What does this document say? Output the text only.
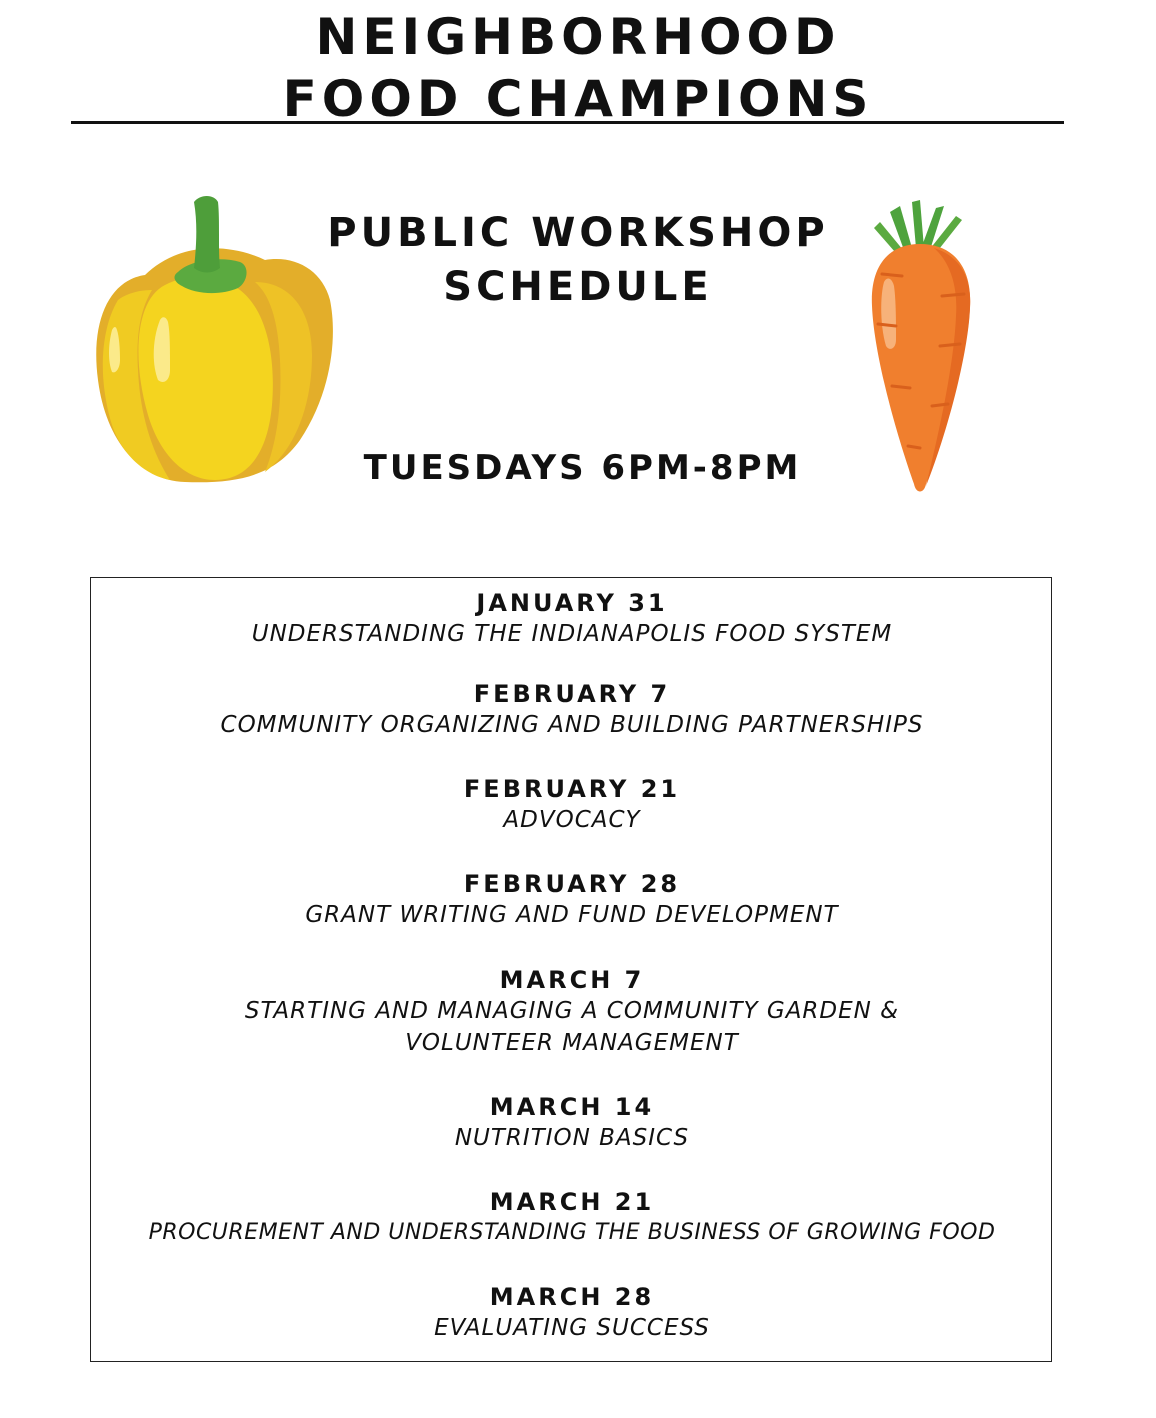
NEIGHBORHOOD
FOOD CHAMPIONS
PUBLIC WORKSHOP
SCHEDULE
TUESDAYS 6PM-8PM
JANUARY 31
UNDERSTANDING THE INDIANAPOLIS FOOD SYSTEM
FEBRUARY 7
COMMUNITY ORGANIZING AND BUILDING PARTNERSHIPS
FEBRUARY 21
ADVOCACY
FEBRUARY 28
GRANT WRITING AND FUND DEVELOPMENT
MARCH 7
STARTING AND MANAGING A COMMUNITY GARDEN & VOLUNTEER MANAGEMENT
MARCH 14
NUTRITION BASICS
MARCH 21
PROCUREMENT AND UNDERSTANDING THE BUSINESS OF GROWING FOOD
MARCH 28
EVALUATING SUCCESS
